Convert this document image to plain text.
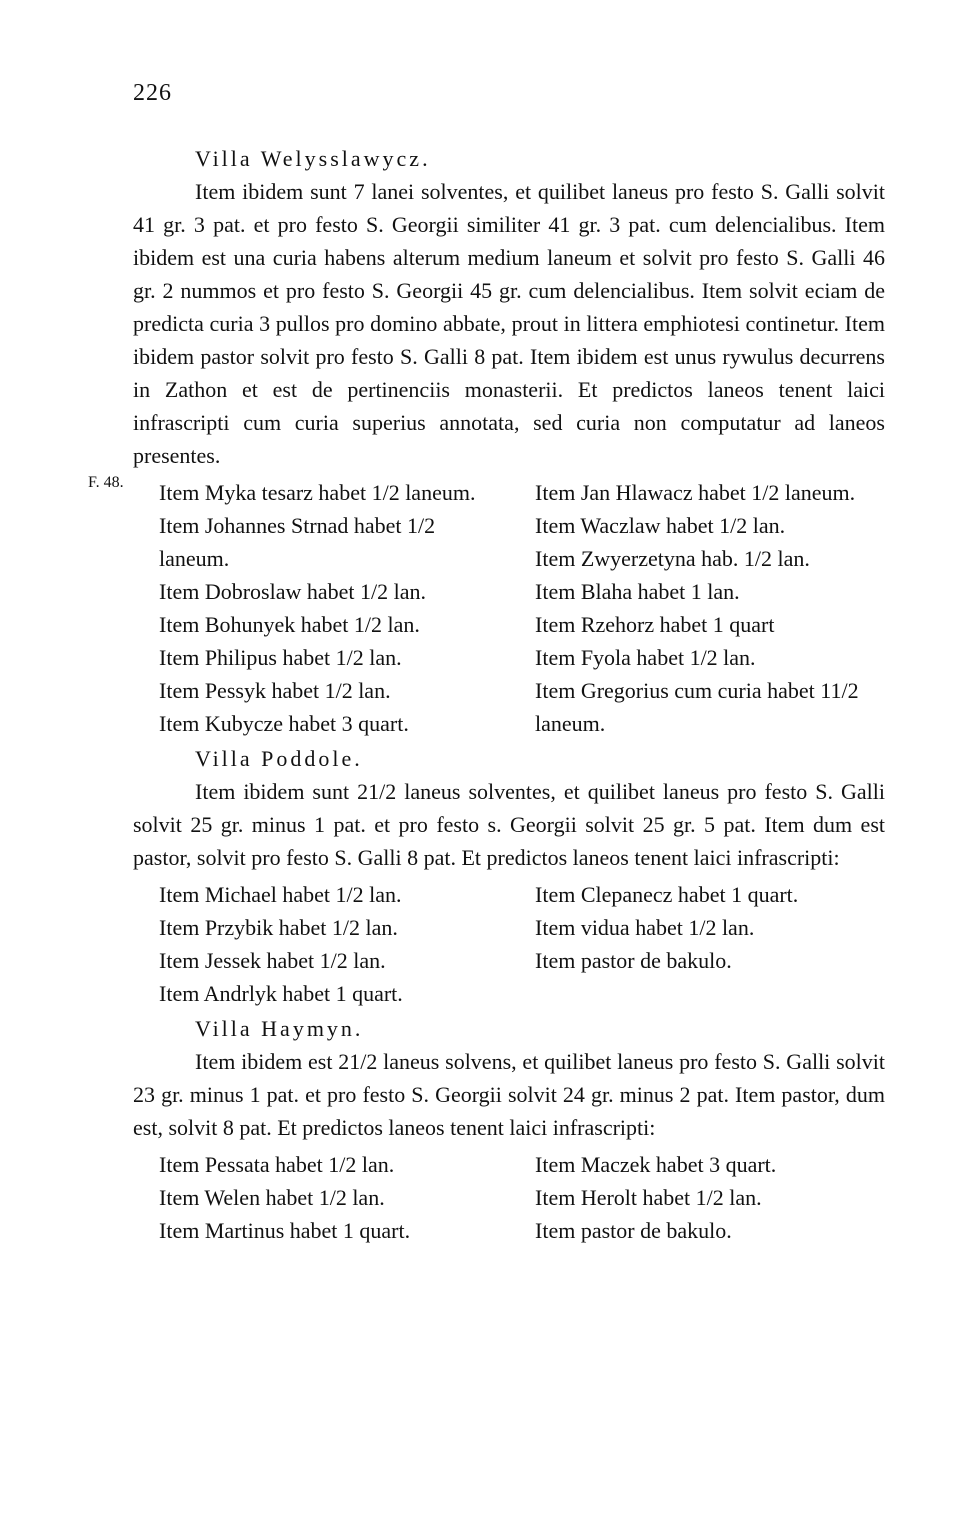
226
F. 48.

Villa Welysslawycz.

Item ibidem sunt 7 lanei solventes, et quilibet laneus pro festo S. Galli solvit 41 gr. 3 pat. et pro festo S. Georgii similiter 41 gr. 3 pat. cum delencialibus. Item ibidem est una curia habens alterum medium laneum et solvit pro festo S. Galli 46 gr. 2 nummos et pro festo S. Georgii 45 gr. cum delencialibus. Item solvit eciam de predicta curia 3 pullos pro domino abbate, prout in littera emphiotesi continetur. Item ibidem pastor solvit pro festo S. Galli 8 pat. Item ibidem est unus rywulus decurrens in Zathon et est de pertinenciis monasterii. Et predictos laneos tenent laici infrascripti cum curia superius annotata, sed curia non computatur ad laneos presentes.

Item Myka tesarz habet 1/2 laneum.

Item Johannes Strnad habet 1/2 laneum.

Item Dobroslaw habet 1/2 lan.

Item Bohunyek habet 1/2 lan.

Item Philipus habet 1/2 lan.

Item Pessyk habet 1/2 lan.

Item Kubycze habet 3 quart.

Item Jan Hlawacz habet 1/2 laneum.

Item Waczlaw habet 1/2 lan.

Item Zwyerzetyna hab. 1/2 lan.

Item Blaha habet 1 lan.

Item Rzehorz habet 1 quart

Item Fyola habet 1/2 lan.

Item Gregorius cum curia habet 11/2 laneum.

Villa Poddole.

Item ibidem sunt 21/2 laneus solventes, et quilibet laneus pro festo S. Galli solvit 25 gr. minus 1 pat. et pro festo s. Georgii solvit 25 gr. 5 pat. Item dum est pastor, solvit pro festo S. Galli 8 pat. Et predictos laneos tenent laici infrascripti:

Item Michael habet 1/2 lan.

Item Przybik habet 1/2 lan.

Item Jessek habet 1/2 lan.

Item Andrlyk habet 1 quart.

Item Clepanecz habet 1 quart.

Item vidua habet 1/2 lan.

Item pastor de bakulo.

Villa Haymyn.

Item ibidem est 21/2 laneus solvens, et quilibet laneus pro festo S. Galli solvit 23 gr. minus 1 pat. et pro festo S. Georgii solvit 24 gr. minus 2 pat. Item pastor, dum est, solvit 8 pat. Et predictos laneos tenent laici infrascripti:

Item Pessata habet 1/2 lan.

Item Welen habet 1/2 lan.

Item Martinus habet 1 quart.

Item Maczek habet 3 quart.

Item Herolt habet 1/2 lan.

Item pastor de bakulo.
